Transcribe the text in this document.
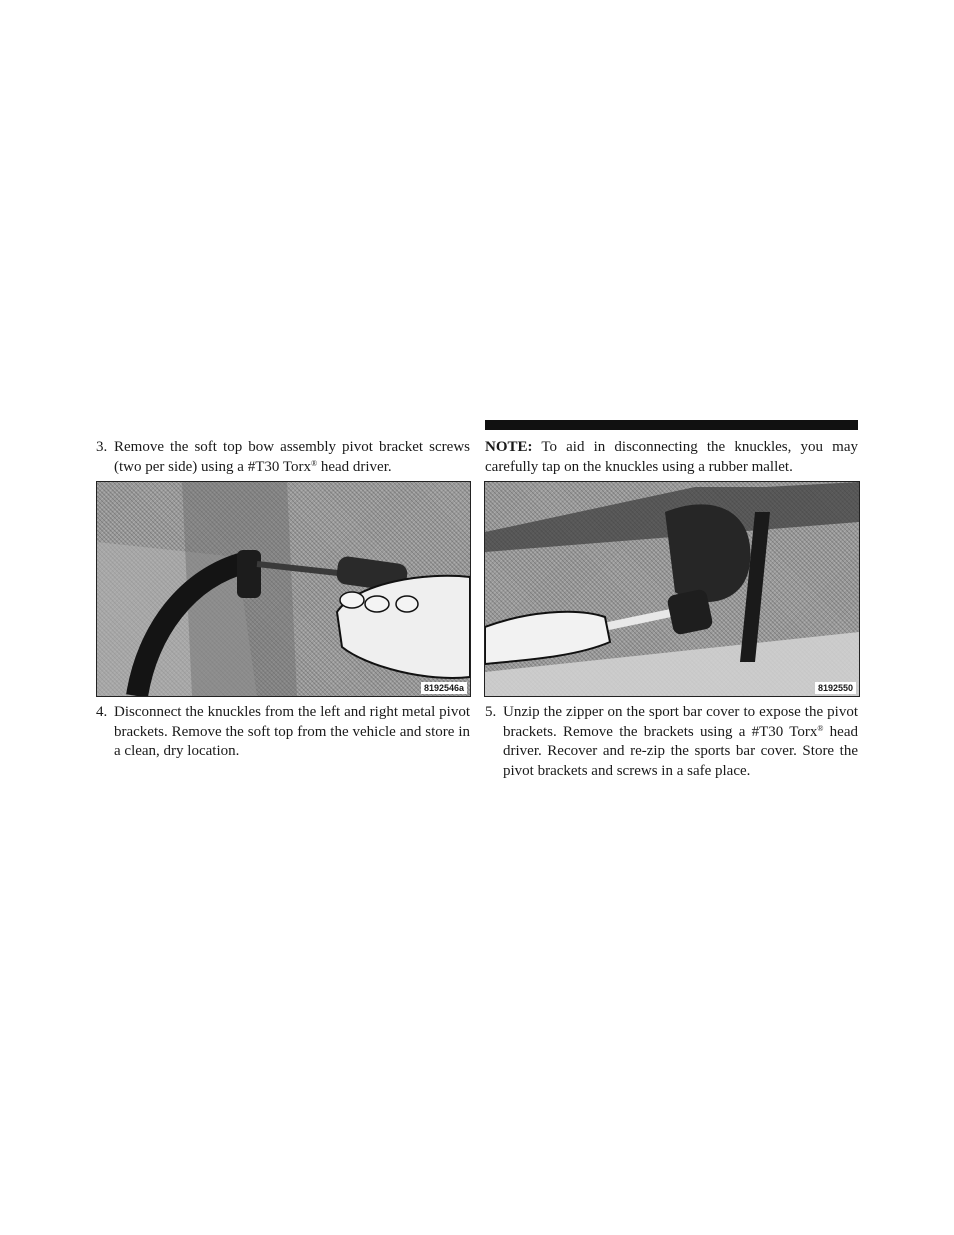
3. Remove the soft top bow assembly pivot bracket screws (two per side) using a #T30 Torx® head driver.
8192546a
4. Disconnect the knuckles from the left and right metal pivot brackets. Remove the soft top from the vehicle and store in a clean, dry location.
NOTE: To aid in disconnecting the knuckles, you may carefully tap on the knuckles using a rubber mallet.
8192550
5. Unzip the zipper on the sport bar cover to expose the pivot brackets. Remove the brackets using a #T30 Torx® head driver. Recover and re-zip the sports bar cover. Store the pivot brackets and screws in a safe place.
